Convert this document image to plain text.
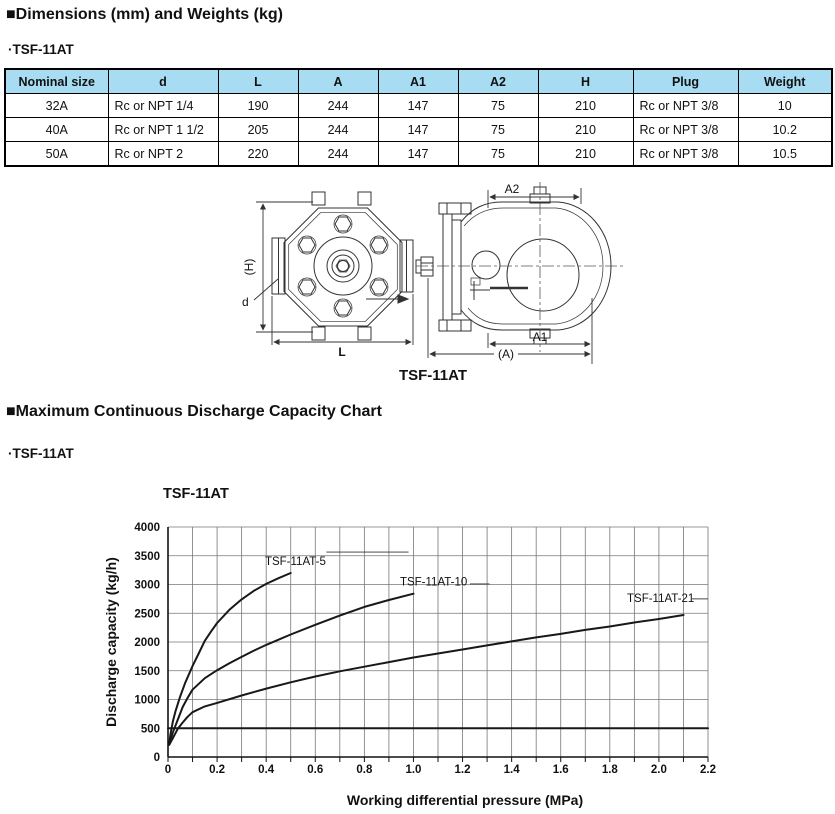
■Dimensions (mm) and Weights (kg)
·TSF-11AT
Nominal size	d	L	A	A1	A2	H	Plug	Weight
32A	Rc or NPT 1/4	190	244	147	75	210	Rc or NPT 3/8	10
40A	Rc or NPT 1 1/2	205	244	147	75	210	Rc or NPT 3/8	10.2
50A	Rc or NPT 2	220	244	147	75	210	Rc or NPT 3/8	10.5
(H)
d
L
A2
A1
(A)
TSF-11AT
■Maximum Continuous Discharge Capacity Chart
·TSF-11AT
TSF-11AT
0	0.2	0.4	0.6	0.8	1.0	1.2	1.4	1.6	1.8	2.0	2.2
0
500
1000
1500
2000
2500
3000
3500
4000
Working differential pressure (MPa)
Discharge capacity (kg/h)	TSF-11AT-5
TSF-11AT-10
TSF-11AT-21
